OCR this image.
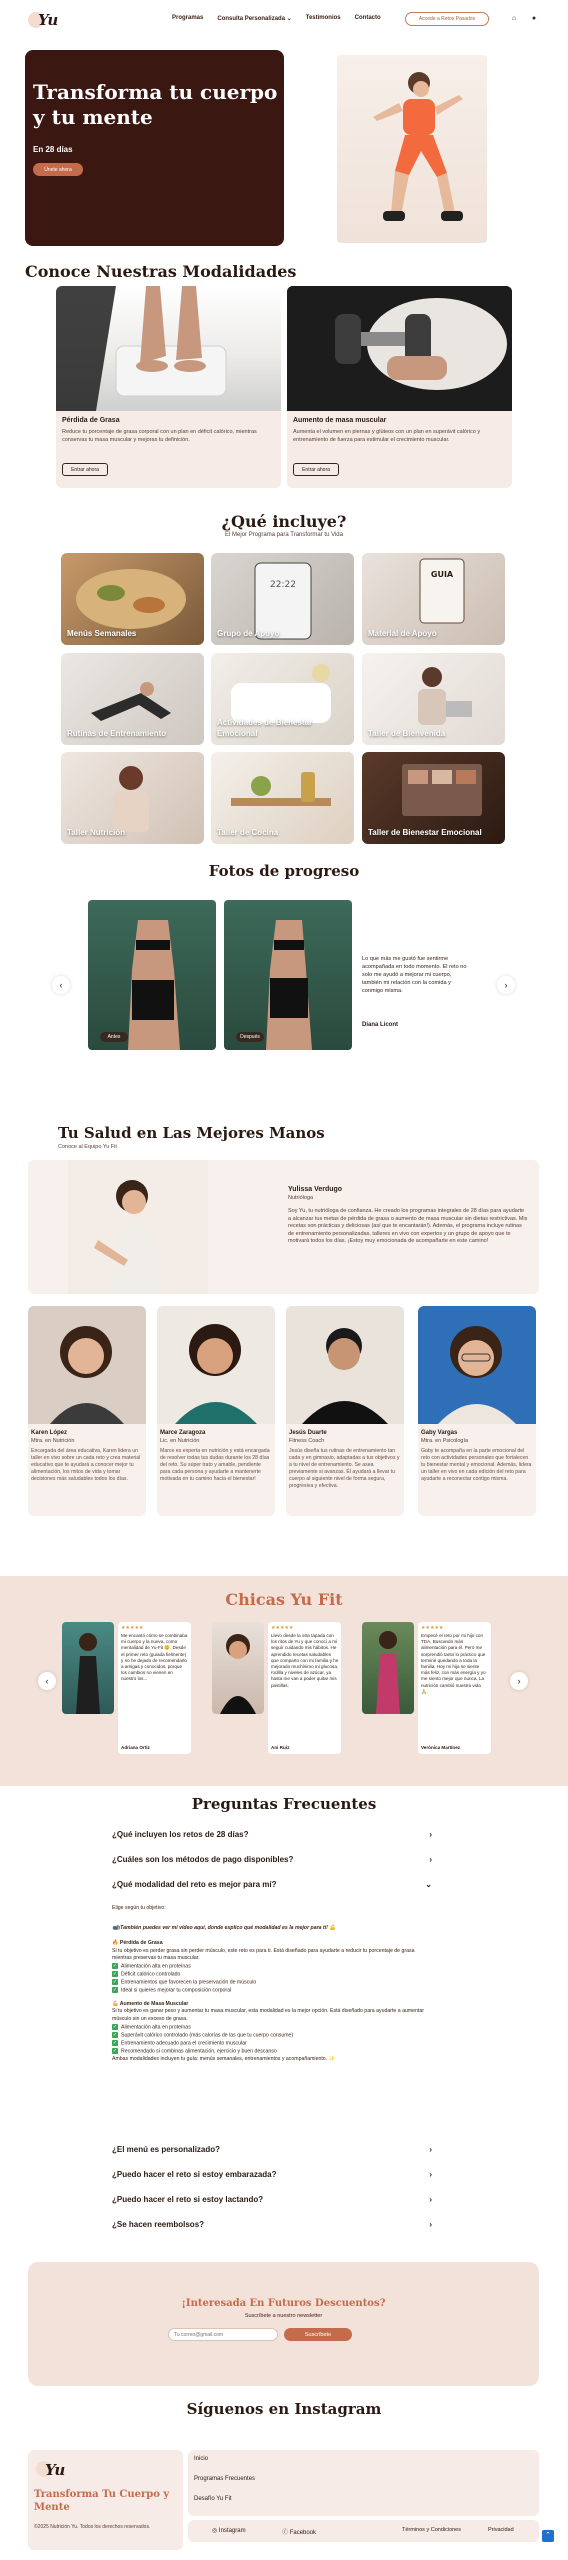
Yu	Programas Consulta Personalizada ⌄ Testimonios Contacto	Accede a Retos Pasados	⌂ ●
Transforma tu cuerpo y tu mente
En 28 días
Únete ahora
Conoce Nuestras Modalidades
Pérdida de Grasa
Reduce tu porcentaje de grasa corporal con un plan en déficit calórico, mientras conservas tu masa muscular y mejoras tu definición.
Entrar ahora
Aumento de masa muscular
Aumenta el volumen en piernas y glúteos con un plan en superávit calórico y entrenamiento de fuerza para estimular el crecimiento muscular.
Entrar ahora
¿Qué incluye?
El Mejor Programa para Transformar tu Vida
Menús Semanales
22:22
Grupo de Apoyo
GUIA
Material de Apoyo
Rutinas de Entrenamiento
Actividades de Bienestar Emocional	Taller de Bienvenida
Taller Nutrición	Taller de Cocina	Taller de Bienestar Emocional
Fotos de progreso
‹
Antes	Después
Lo que más me gustó fue sentirme acompañada en todo momento. El reto no solo me ayudó a mejorar mi cuerpo, también mi relación con la comida y conmigo misma.
Diana Licont
›
Tu Salud en Las Mejores Manos
Conoce al Equipo Yu Fit
Yulissa Verdugo
Nutrióloga
Soy Yu, tu nutrióloga de confianza. He creado los programas integrales de 28 días para ayudarte a alcanzar tus metas de pérdida de grasa o aumento de masa muscular sin dietas restrictivas. Mis recetas son prácticas y deliciosas (así que te encantarán!). Además, el programa incluye rutinas de entrenamiento personalizadas, talleres en vivo con expertos y un grupo de apoyo que te motivará todos los días. ¡Estoy muy emocionada de acompañarte en este camino!
Karen López
Mtra. en Nutrición
Encargada del área educativa, Karen lidera un taller en vivo sobre un cada reto y crea material educativo que te ayudará a conocer mejor tu alimentación, los mitos de vida y tomar decisiones más saludables todos los días.
Marce Zaragoza
Lic. en Nutrición
Marce es experta en nutrición y está encargada de resolver todas tus dudas durante los 28 días del reto. Su súper trato y amable, pendiente para cada persona y ayudarte a mantenerte motivada en tu camino hacia el bienestar!
Jesús Duarte
Fitness Coach
Jesús diseña tus rutinas de entrenamiento tan cada y en gimnasio, adaptadas a tus objetivos y a tu nivel de entrenamiento. Se asea previamente si avanzas. Él ayudará a llevar tu cuerpo al siguiente nivel de forma segura, progresiva y efectiva.
Gaby Vargas
Mtra. en Psicología
Gaby te acompaña en la parte emocional del reto con actividades personales que fortalecen tu bienestar mental y emocional. Además, lidera un taller en vivo en cada edición del reto para ayudarte a reconectar contigo misma.
Chicas Yu Fit
‹
★★★★★
Me encantó cómo se combinaba mi cuerpo y la nueva, como mentalidad de Yu-Fit 😊. Desde el primer reto (guiada fielmente) y no he dejado de recomendarlo a amigas y conocidos, porque los cambios no vienen en nuestro los...
Adriana Ortiz
★★★★★
Llevo desde la otra tapada con los ritos de Yu y que conocí a mi seguir cuidando mis hábitos. He aprendido recetas saludables que comparto con mi familia y he mejorado muchísimo mi glucosa, rodilla y niveles de azúcar, ya hasta me van a poder quitar mis pastillas.
Ani Ruiz
★★★★★
Empecé el reto por mi hijo con TDA. Buscando más alimentación para él. Pero me sorprendió tanto lo práctico que terminé quedando a toda la familia. Hoy mi hija se siente más feliz, con más energía y yo me siento mejor que nunca. La nutrición cambió nuestra vida 🙏.
Verónica Martínez
›
Preguntas Frecuentes
¿Qué incluyen los retos de 28 días?	›
¿Cuáles son los métodos de pago disponibles?	›
¿Qué modalidad del reto es mejor para mí?	⌄
Elige según tu objetivo:
📹¡También puedes ver mi video aquí, donde explico qué modalidad es la mejor para ti! 💪
🔥 Pérdida de Grasa
Si tu objetivo es perder grasa sin perder músculo, este reto es para ti. Está diseñado para ayudarte a reducir tu porcentaje de grasa mientras preservas tu masa muscular.
✓ Alimentación alta en proteínas
✓ Déficit calórico controlado
✓ Entrenamientos que favorecen la preservación de músculo
✓ Ideal si quieres mejorar tu composición corporal
💪 Aumento de Masa Muscular
Si tu objetivo es ganar peso y aumentar tu masa muscular, esta modalidad es la mejor opción. Está diseñado para ayudarte a aumentar músculo sin un exceso de grasa.
✓ Alimentación alta en proteínas
✓ Superávit calórico controlado (más calorías de las que tu cuerpo consume)
✓ Entrenamiento adecuado para el crecimiento muscular
✓ Recomendado si combinas alimentación, ejercicio y buen descanso
Ambas modalidades incluyen tu guía: menús semanales, entrenamientos y acompañamiento. ✨
¿El menú es personalizado?	›
¿Puedo hacer el reto si estoy embarazada?	›
¿Puedo hacer el reto si estoy lactando?	›
¿Se hacen reembolsos?	›
¡Interesada En Futuros Descuentos?
Suscríbete a nuestro newsletter
Tu correo@gmail.com
Suscríbete
Síguenos en Instagram
Yu
Transforma Tu Cuerpo y Mente
©2025 Nutrición Yu. Todos los derechos reservados.
Inicio
Programas Frecuentes
Desafío Yu Fit
◎ Instagram	ⓕ Facebook	Términos y Condiciones	Privacidad
⌃
